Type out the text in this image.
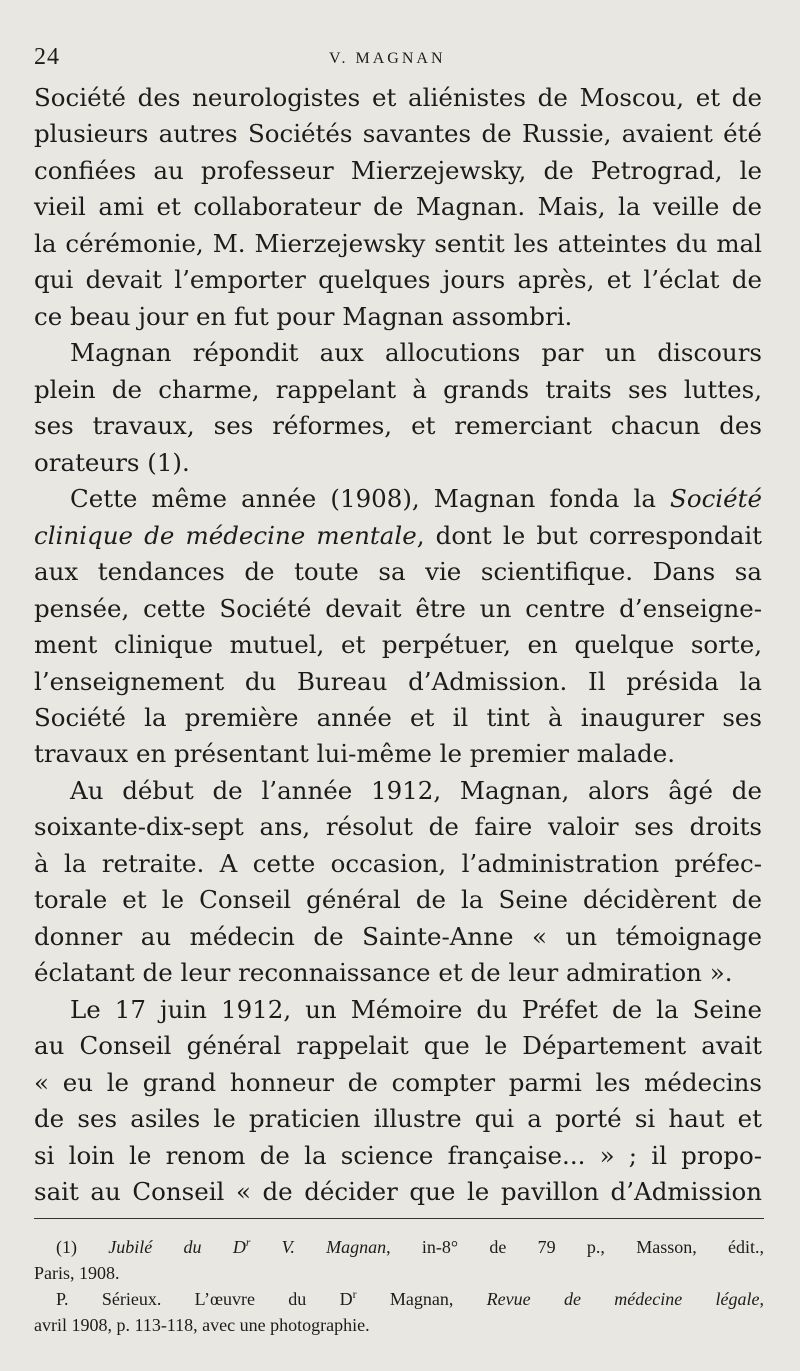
24	V. MAGNAN
Société des neurologistes et aliénistes de Moscou, et de
plusieurs autres Sociétés savantes de Russie, avaient été
confiées au professeur Mierzejewsky, de Petrograd, le
vieil ami et collaborateur de Magnan. Mais, la veille de
la cérémonie, M. Mierzejewsky sentit les atteintes du mal
qui devait l’emporter quelques jours après, et l’éclat de
ce beau jour en fut pour Magnan assombri.
Magnan répondit aux allocutions par un discours
plein de charme, rappelant à grands traits ses luttes,
ses travaux, ses réformes, et remerciant chacun des
orateurs (1).
Cette même année (1908), Magnan fonda la Société
clinique de médecine mentale, dont le but correspondait
aux tendances de toute sa vie scientifique. Dans sa
pensée, cette Société devait être un centre d’enseigne-
ment clinique mutuel, et perpétuer, en quelque sorte,
l’enseignement du Bureau d’Admission. Il présida la
Société la première année et il tint à inaugurer ses
travaux en présentant lui-même le premier malade.
Au début de l’année 1912, Magnan, alors âgé de
soixante-dix-sept ans, résolut de faire valoir ses droits
à la retraite. A cette occasion, l’administration préfec-
torale et le Conseil général de la Seine décidèrent de
donner au médecin de Sainte-Anne « un témoignage
éclatant de leur reconnaissance et de leur admiration ».
Le 17 juin 1912, un Mémoire du Préfet de la Seine
au Conseil général rappelait que le Département avait
« eu le grand honneur de compter parmi les médecins
de ses asiles le praticien illustre qui a porté si haut et
si loin le renom de la science française... » ; il propo-
sait au Conseil « de décider que le pavillon d’Admission
(1) Jubilé du $D^r$ V. Magnan, in-8° de 79 p., Masson, édit.,
Paris, 1908.
P. Sérieux. L’œuvre du $D^r$ Magnan, Revue de médecine légale,
avril 1908, p. 113-118, avec une photographie.
